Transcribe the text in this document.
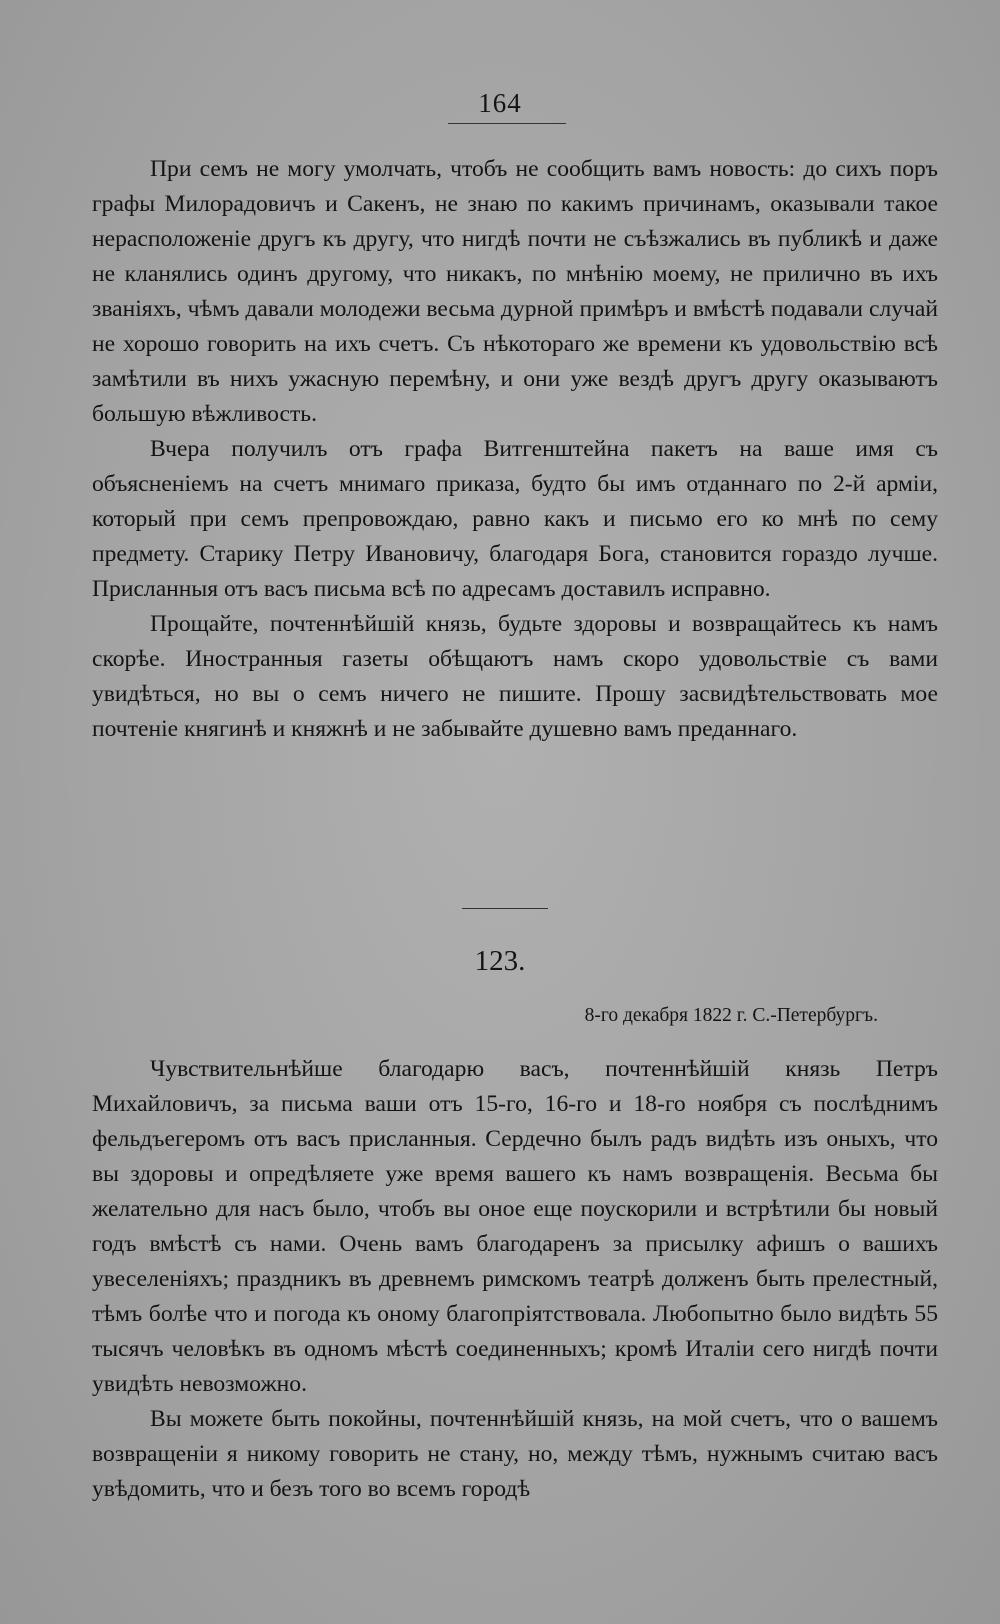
164

При семъ не могу умолчать, чтобъ не сообщить вамъ новость: до сихъ поръ графы Милорадовичъ и Сакенъ, не знаю по какимъ причинамъ, оказывали такое нерасположеніе другъ къ другу, что нигдѣ почти не съѣзжались въ публикѣ и даже не кланялись одинъ другому, что никакъ, по мнѣнію моему, не прилично въ ихъ званіяхъ, чѣмъ давали молодежи весьма дурной примѣръ и вмѣстѣ подавали случай не хорошо говорить на ихъ счетъ. Съ нѣкотораго же времени къ удовольствію всѣ замѣтили въ нихъ ужасную перемѣну, и они уже вездѣ другъ другу оказываютъ большую вѣжливость.

Вчера получилъ отъ графа Витгенштейна пакетъ на ваше имя съ объясненіемъ на счетъ мнимаго приказа, будто бы имъ отданнаго по 2-й арміи, который при семъ препровождаю, равно какъ и письмо его ко мнѣ по сему предмету. Старику Петру Ивановичу, благодаря Бога, становится гораздо лучше. Присланныя отъ васъ письма всѣ по адресамъ доставилъ исправно.

Прощайте, почтеннѣйшій князь, будьте здоровы и возвращайтесь къ намъ скорѣе. Иностранныя газеты обѣщаютъ намъ скоро удовольствіе съ вами увидѣться, но вы о семъ ничего не пишите. Прошу засвидѣтельствовать мое почтеніе княгинѣ и княжнѣ и не забывайте душевно вамъ преданнаго.

123.
8-го декабря 1822 г. С.-Петербургъ.

Чувствительнѣйше благодарю васъ, почтеннѣйшій князь Петръ Михайловичъ, за письма ваши отъ 15-го, 16-го и 18-го ноября съ послѣднимъ фельдъегеромъ отъ васъ присланныя. Сердечно былъ радъ видѣть изъ оныхъ, что вы здоровы и опредѣляете уже время вашего къ намъ возвращенія. Весьма бы желательно для насъ было, чтобъ вы оное еще поускорили и встрѣтили бы новый годъ вмѣстѣ съ нами. Очень вамъ благодаренъ за присылку афишъ о вашихъ увеселеніяхъ; праздникъ въ древнемъ римскомъ театрѣ долженъ быть прелестный, тѣмъ болѣе что и погода къ оному благопріятствовала. Любопытно было видѣть 55 тысячъ человѣкъ въ одномъ мѣстѣ соединенныхъ; кромѣ Италіи сего нигдѣ почти увидѣть невозможно.

Вы можете быть покойны, почтеннѣйшій князь, на мой счетъ, что о вашемъ возвращеніи я никому говорить не стану, но, между тѣмъ, нужнымъ считаю васъ увѣдомить, что и безъ того во всемъ городѣ
